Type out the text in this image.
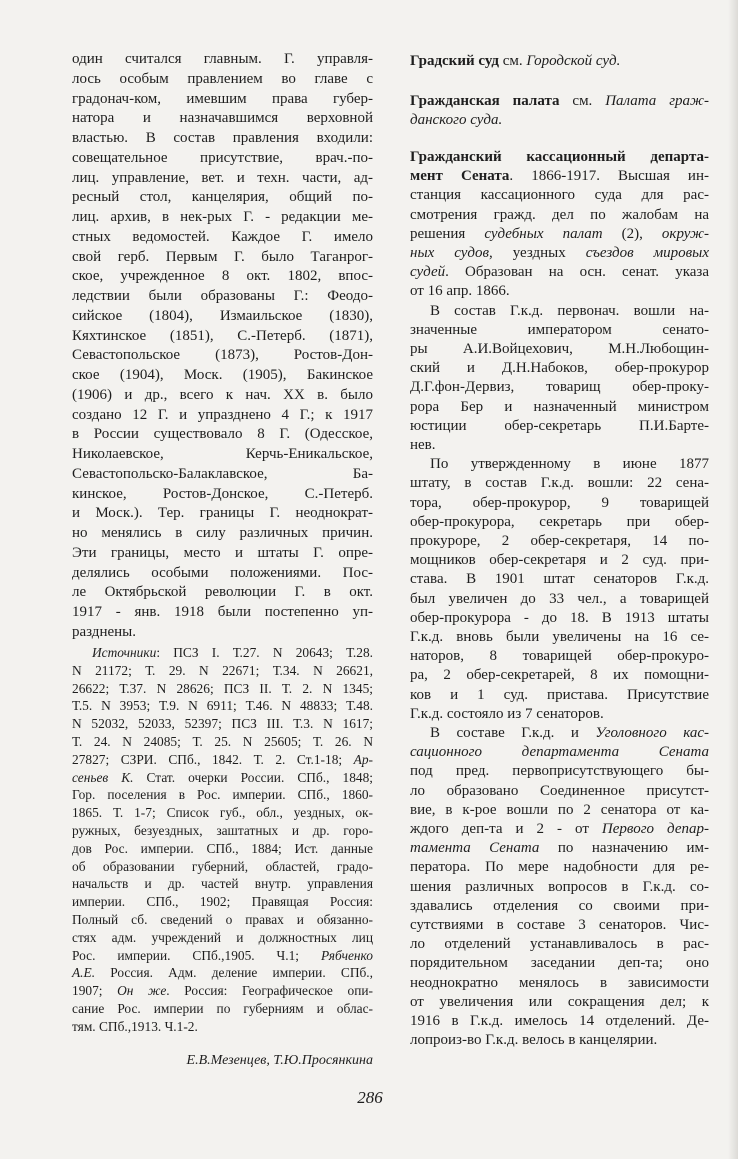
один считался главным. Г. управля-
лось особым правлением во главе с
градонач-ком, имевшим права губер-
натора и назначавшимся верховной
властью. В состав правления входили:
совещательное присутствие, врач.-по-
лиц. управление, вет. и техн. части, ад-
ресный стол, канцелярия, общий по-
лиц. архив, в нек-рых Г. - редакции ме-
стных ведомостей. Каждое Г. имело
свой герб. Первым Г. было Таганрог-
ское, учрежденное 8 окт. 1802, впос-
ледствии были образованы Г.: Феодо-
сийское (1804), Измаильское (1830),
Кяхтинское (1851), С.-Петерб. (1871),
Севастопольское (1873), Ростов-Дон-
ское (1904), Моск. (1905), Бакинское
(1906) и др., всего к нач. XX в. было
создано 12 Г. и упразднено 4 Г.; к 1917
в России существовало 8 Г. (Одесское,
Николаевское, Керчь-Еникальское,
Севастопольско-Балаклавское, Ба-
кинское, Ростов-Донское, С.-Петерб.
и Моск.). Тер. границы Г. неоднократ-
но менялись в силу различных причин.
Эти границы, место и штаты Г. опре-
делялись особыми положениями. Пос-
ле Октябрьской революции Г. в окт.
1917 - янв. 1918 были постепенно уп-
разднены.
Источники: ПСЗ I. Т.27. N 20643; Т.28.
N 21172; Т. 29. N 22671; Т.34. N 26621,
26622; Т.37. N 28626; ПСЗ II. Т. 2. N 1345;
Т.5. N 3953; Т.9. N 6911; Т.46. N 48833; Т.48.
N 52032, 52033, 52397; ПСЗ III. Т.3. N 1617;
Т. 24. N 24085; Т. 25. N 25605; Т. 26. N
27827; СЗРИ. СПб., 1842. Т. 2. Ст.1-18; Ар-
сеньев К. Стат. очерки России. СПб., 1848;
Гор. поселения в Рос. империи. СПб., 1860-
1865. Т. 1-7; Список губ., обл., уездных, ок-
ружных, безуездных, заштатных и др. горо-
дов Рос. империи. СПб., 1884; Ист. данные
об образовании губерний, областей, градо-
начальств и др. частей внутр. управления
империи. СПб., 1902; Правящая Россия:
Полный сб. сведений о правах и обязанно-
стях адм. учреждений и должностных лиц
Рос. империи. СПб.,1905. Ч.1; Рябченко
А.Е. Россия. Адм. деление империи. СПб.,
1907; Он же. Россия: Географическое опи-
сание Рос. империи по губерниям и облас-
тям. СПб.,1913. Ч.1-2.
Е.В.Мезенцев, Т.Ю.Просянкина
Градский суд см. Городской суд.
Гражданская палата см. Палата граж-
данского суда.
Гражданский кассационный департа-
мент Сената. 1866-1917. Высшая ин-
станция кассационного суда для рас-
смотрения гражд. дел по жалобам на
решения судебных палат (2), окруж-
ных судов, уездных съездов мировых
судей. Образован на осн. сенат. указа
от 16 апр. 1866.
В состав Г.к.д. первонач. вошли на-
значенные императором сенато-
ры А.И.Войцехович, М.Н.Любощин-
ский и Д.Н.Набоков, обер-прокурор
Д.Г.фон-Дервиз, товарищ обер-проку-
рора Бер и назначенный министром
юстиции обер-секретарь П.И.Барте-
нев.
По утвержденному в июне 1877
штату, в состав Г.к.д. вошли: 22 сена-
тора, обер-прокурор, 9 товарищей
обер-прокурора, секретарь при обер-
прокуроре, 2 обер-секретаря, 14 по-
мощников обер-секретаря и 2 суд. при-
става. В 1901 штат сенаторов Г.к.д.
был увеличен до 33 чел., а товарищей
обер-прокурора - до 18. В 1913 штаты
Г.к.д. вновь были увеличены на 16 се-
наторов, 8 товарищей обер-прокуро-
ра, 2 обер-секретарей, 8 их помощни-
ков и 1 суд. пристава. Присутствие
Г.к.д. состояло из 7 сенаторов.
В составе Г.к.д. и Уголовного кас-
сационного департамента Сената
под пред. первоприсутствующего бы-
ло образовано Соединенное присутст-
вие, в к-рое вошли по 2 сенатора от ка-
ждого деп-та и 2 - от Первого депар-
тамента Сената по назначению им-
ператора. По мере надобности для ре-
шения различных вопросов в Г.к.д. со-
здавались отделения со своими при-
сутствиями в составе 3 сенаторов. Чис-
ло отделений устанавливалось в рас-
порядительном заседании деп-та; оно
неоднократно менялось в зависимости
от увеличения или сокращения дел; к
1916 в Г.к.д. имелось 14 отделений. Де-
лопроиз-во Г.к.д. велось в канцелярии.
286
